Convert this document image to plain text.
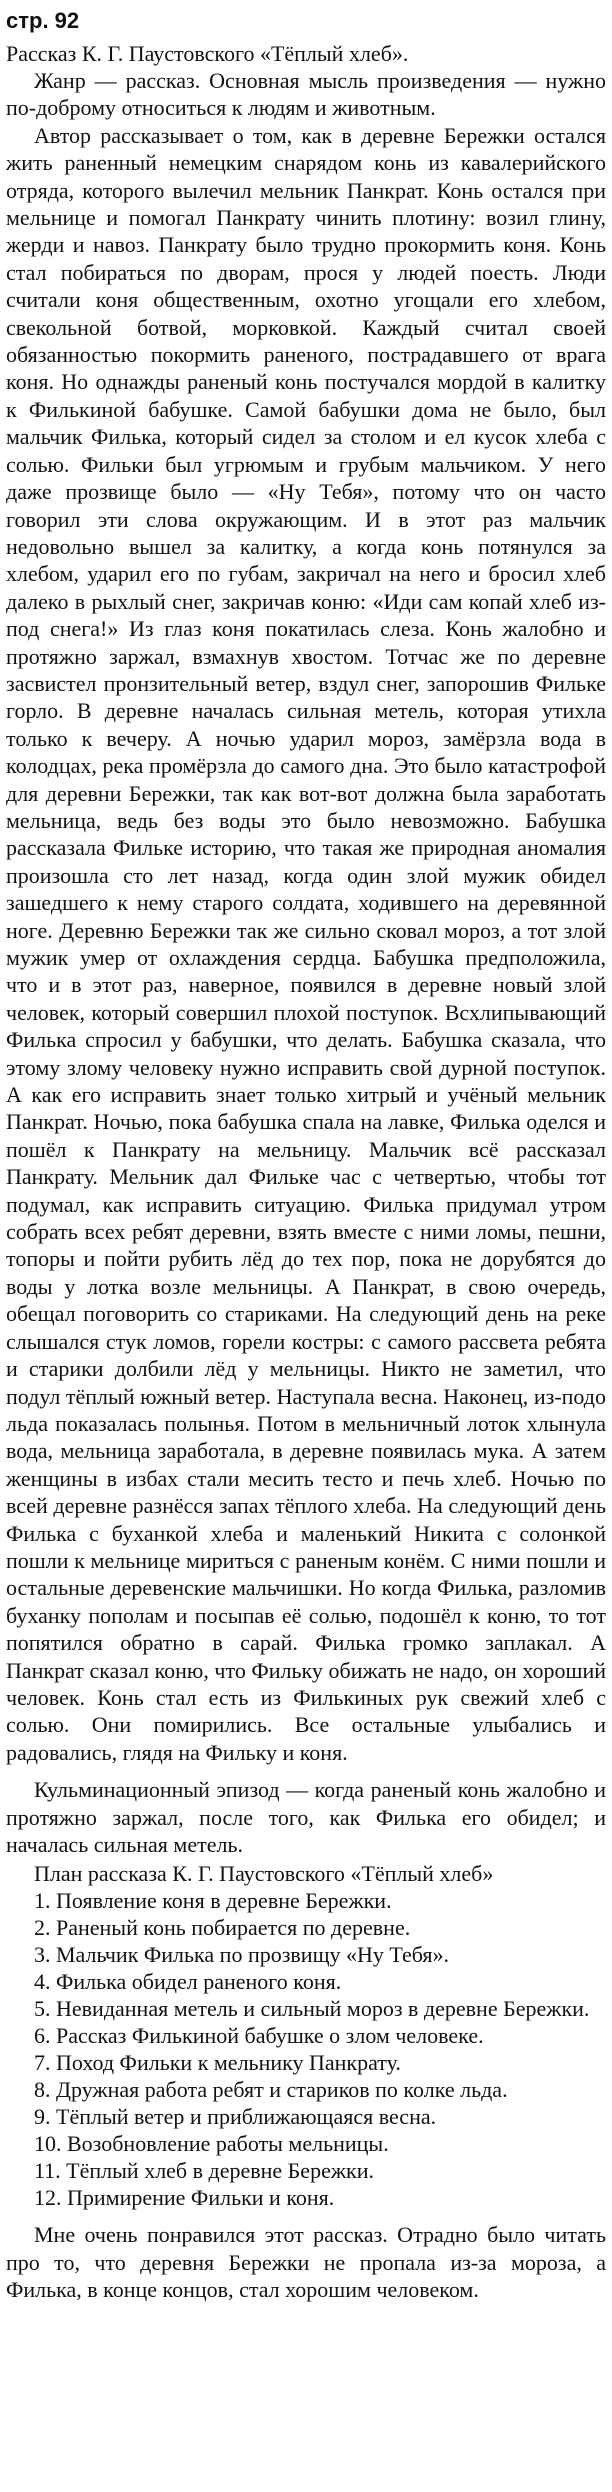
стр. 92
Рассказ К. Г. Паустовского «Тёплый хлеб».

Жанр — рассказ. Основная мысль произведения — нужно по-доброму относиться к людям и животным.

Автор рассказывает о том, как в деревне Бережки остался жить раненный немецким снарядом конь из кавалерийского отряда, которого вылечил мельник Панкрат. Конь остался при мельнице и помогал Панкрату чинить плотину: возил глину, жерди и навоз. Панкрату было трудно прокормить коня. Конь стал побираться по дворам, прося у людей поесть. Люди считали коня общественным, охотно угощали его хлебом, свекольной ботвой, морковкой. Каждый считал своей обязанностью покормить раненого, пострадавшего от врага коня. Но однажды раненый конь постучался мордой в калитку к Филькиной бабушке. Самой бабушки дома не было, был мальчик Филька, который сидел за столом и ел кусок хлеба с солью. Фильки был угрюмым и грубым мальчиком. У него даже прозвище было — «Ну Тебя», потому что он часто говорил эти слова окружающим. И в этот раз мальчик недовольно вышел за калитку, а когда конь потянулся за хлебом, ударил его по губам, закричал на него и бросил хлеб далеко в рыхлый снег, закричав коню: «Иди сам копай хлеб из-под снега!» Из глаз коня покатилась слеза. Конь жалобно и протяжно заржал, взмахнув хвостом. Тотчас же по деревне засвистел пронзительный ветер, вздул снег, запорошив Фильке горло. В деревне началась сильная метель, которая утихла только к вечеру. А ночью ударил мороз, замёрзла вода в колодцах, река промёрзла до самого дна. Это было катастрофой для деревни Бережки, так как вот-вот должна была заработать мельница, ведь без воды это было невозможно. Бабушка рассказала Фильке историю, что такая же природная аномалия произошла сто лет назад, когда один злой мужик обидел зашедшего к нему старого солдата, ходившего на деревянной ноге. Деревню Бережки так же сильно сковал мороз, а тот злой мужик умер от охлаждения сердца. Бабушка предположила, что и в этот раз, наверное, появился в деревне новый злой человек, который совершил плохой поступок. Всхлипывающий Филька спросил у бабушки, что делать. Бабушка сказала, что этому злому человеку нужно исправить свой дурной поступок. А как его исправить знает только хитрый и учёный мельник Панкрат. Ночью, пока бабушка спала на лавке, Филька оделся и пошёл к Панкрату на мельницу. Мальчик всё рассказал Панкрату. Мельник дал Фильке час с четвертью, чтобы тот подумал, как исправить ситуацию. Филька придумал утром собрать всех ребят деревни, взять вместе с ними ломы, пешни, топоры и пойти рубить лёд до тех пор, пока не дорубятся до воды у лотка возле мельницы. А Панкрат, в свою очередь, обещал поговорить со стариками. На следующий день на реке слышался стук ломов, горели костры: с самого рассвета ребята и старики долбили лёд у мельницы. Никто не заметил, что подул тёплый южный ветер. Наступала весна. Наконец, из-подо льда показалась полынья. Потом в мельничный лоток хлынула вода, мельница заработала, в деревне появилась мука. А затем женщины в избах стали месить тесто и печь хлеб. Ночью по всей деревне разнёсся запах тёплого хлеба. На следующий день Филька с буханкой хлеба и маленький Никита с солонкой пошли к мельнице мириться с раненым конём. С ними пошли и остальные деревенские мальчишки. Но когда Филька, разломив буханку пополам и посыпав её солью, подошёл к коню, то тот попятился обратно в сарай. Филька громко заплакал. А Панкрат сказал коню, что Фильку обижать не надо, он хороший человек. Конь стал есть из Филькиных рук свежий хлеб с солью. Они помирились. Все остальные улыбались и радовались, глядя на Фильку и коня.

Кульминационный эпизод — когда раненый конь жалобно и протяжно заржал, после того, как Филька его обидел; и началась сильная метель.

План рассказа К. Г. Паустовского «Тёплый хлеб»
1. Появление коня в деревне Бережки.
2. Раненый конь побирается по деревне.
3. Мальчик Филька по прозвищу «Ну Тебя».
4. Филька обидел раненого коня.
5. Невиданная метель и сильный мороз в деревне Бережки.
6. Рассказ Филькиной бабушке о злом человеке.
7. Поход Фильки к мельнику Панкрату.
8. Дружная работа ребят и стариков по колке льда.
9. Тёплый ветер и приближающаяся весна.
10. Возобновление работы мельницы.
11. Тёплый хлеб в деревне Бережки.
12. Примирение Фильки и коня.

Мне очень понравился этот рассказ. Отрадно было читать про то, что деревня Бережки не пропала из-за мороза, а Филька, в конце концов, стал хорошим человеком.
